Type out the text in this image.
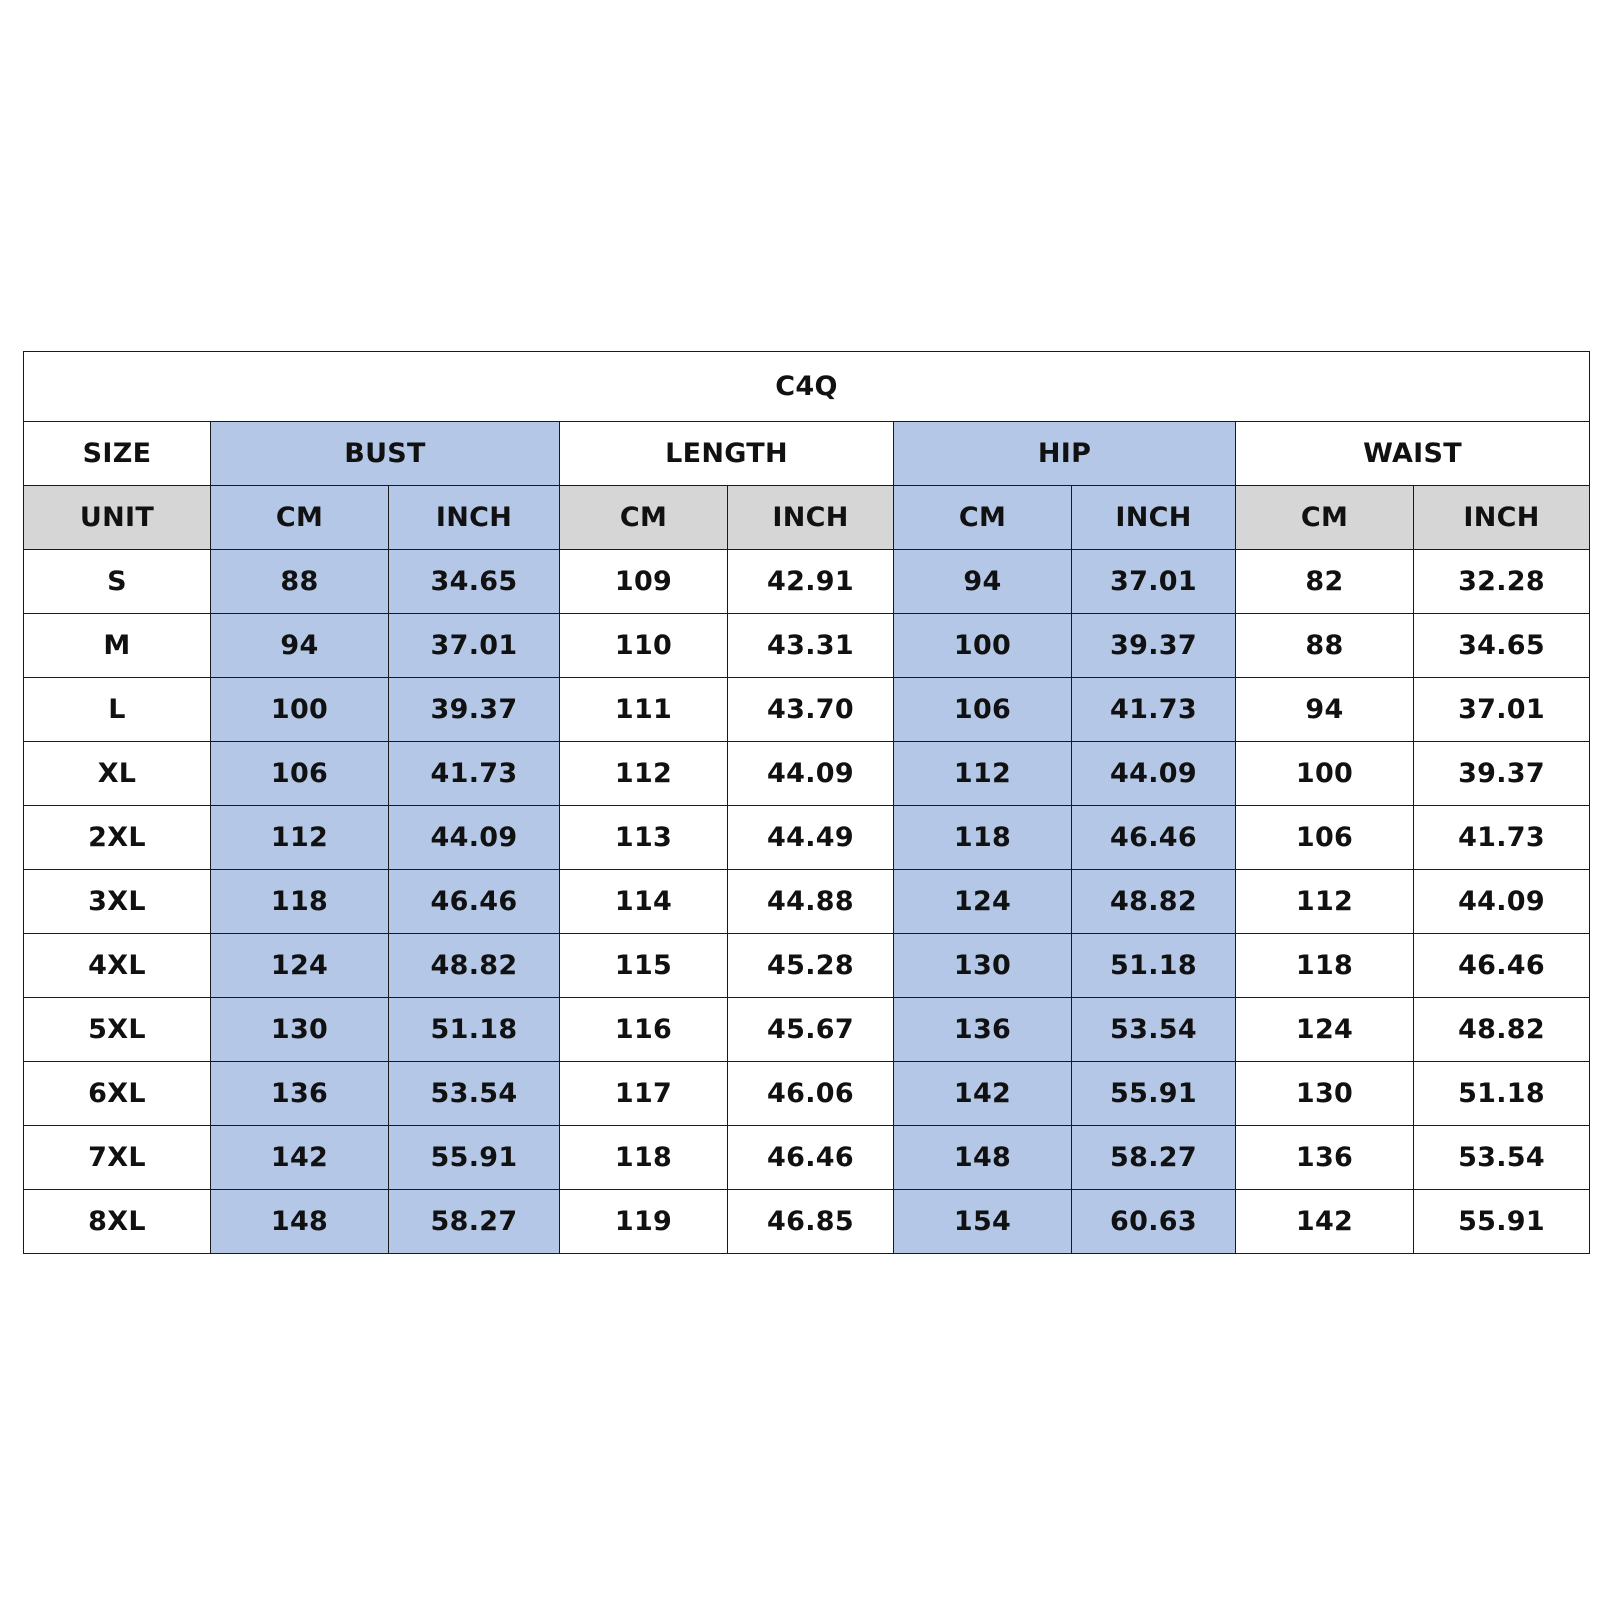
C4Q								
SIZE	BUST		LENGTH		HIP		WAIST	
UNIT	CM	INCH	CM	INCH	CM	INCH	CM	INCH
S	88	34.65	109	42.91	94	37.01	82	32.28
M	94	37.01	110	43.31	100	39.37	88	34.65
L	100	39.37	111	43.70	106	41.73	94	37.01
XL	106	41.73	112	44.09	112	44.09	100	39.37
2XL	112	44.09	113	44.49	118	46.46	106	41.73
3XL	118	46.46	114	44.88	124	48.82	112	44.09
4XL	124	48.82	115	45.28	130	51.18	118	46.46
5XL	130	51.18	116	45.67	136	53.54	124	48.82
6XL	136	53.54	117	46.06	142	55.91	130	51.18
7XL	142	55.91	118	46.46	148	58.27	136	53.54
8XL	148	58.27	119	46.85	154	60.63	142	55.91
